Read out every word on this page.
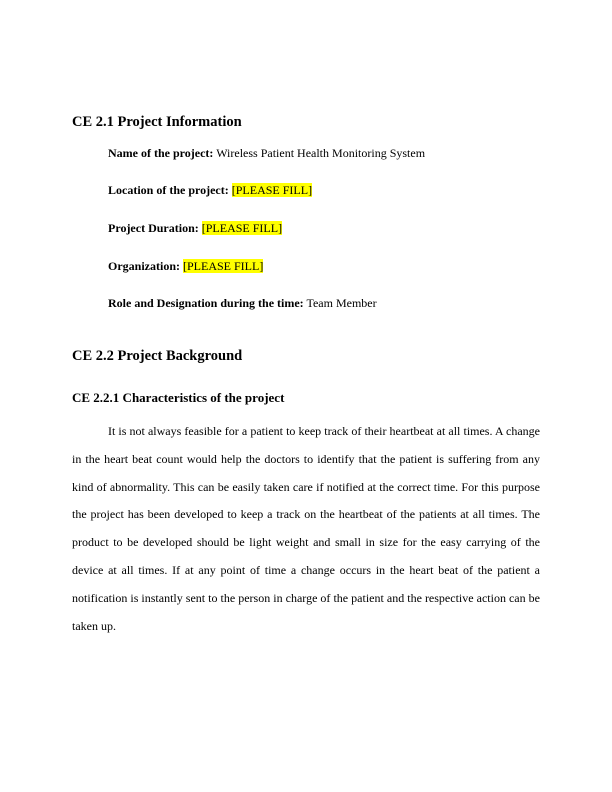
CE 2.1 Project Information

Name of the project: Wireless Patient Health Monitoring System

Location of the project: [PLEASE FILL]

Project Duration: [PLEASE FILL]

Organization: [PLEASE FILL]

Role and Designation during the time: Team Member

CE 2.2 Project Background
CE 2.2.1 Characteristics of the project

It is not always feasible for a patient to keep track of their heartbeat at all times. A change in the heart beat count would help the doctors to identify that the patient is suffering from any kind of abnormality. This can be easily taken care if notified at the correct time. For this purpose the project has been developed to keep a track on the heartbeat of the patients at all times. The product to be developed should be light weight and small in size for the easy carrying of the device at all times. If at any point of time a change occurs in the heart beat of the patient a notification is instantly sent to the person in charge of the patient and the respective action can be taken up.
